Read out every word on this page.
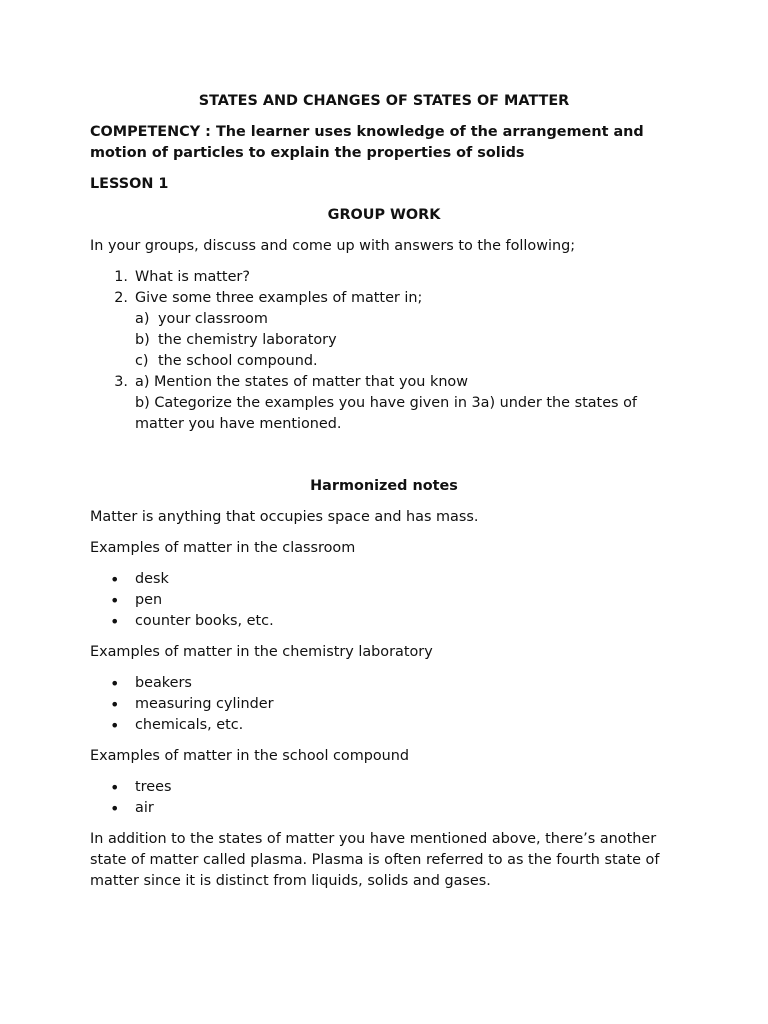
STATES AND CHANGES OF STATES OF MATTER
COMPETENCY : The learner uses knowledge of the arrangement and motion of particles to explain the properties of solids
LESSON 1
GROUP WORK

In your groups, discuss and come up with answers to the following;

1. What is matter?
2. Give some three examples of matter in;
a) your classroom
b) the chemistry laboratory
c) the school compound.
3. a) Mention the states of matter that you know
b) Categorize the examples you have given in 3a) under the states of matter you have mentioned.
Harmonized notes

Matter is anything that occupies space and has mass.

Examples of matter in the classroom

•	desk
•	pen
•	counter books, etc.

Examples of matter in the chemistry laboratory

•	beakers
•	measuring cylinder
•	chemicals, etc.

Examples of matter in the school compound

•	trees
•	air

In addition to the states of matter you have mentioned above, there’s another state of matter called plasma. Plasma is often referred to as the fourth state of matter since it is distinct from liquids, solids and gases.
